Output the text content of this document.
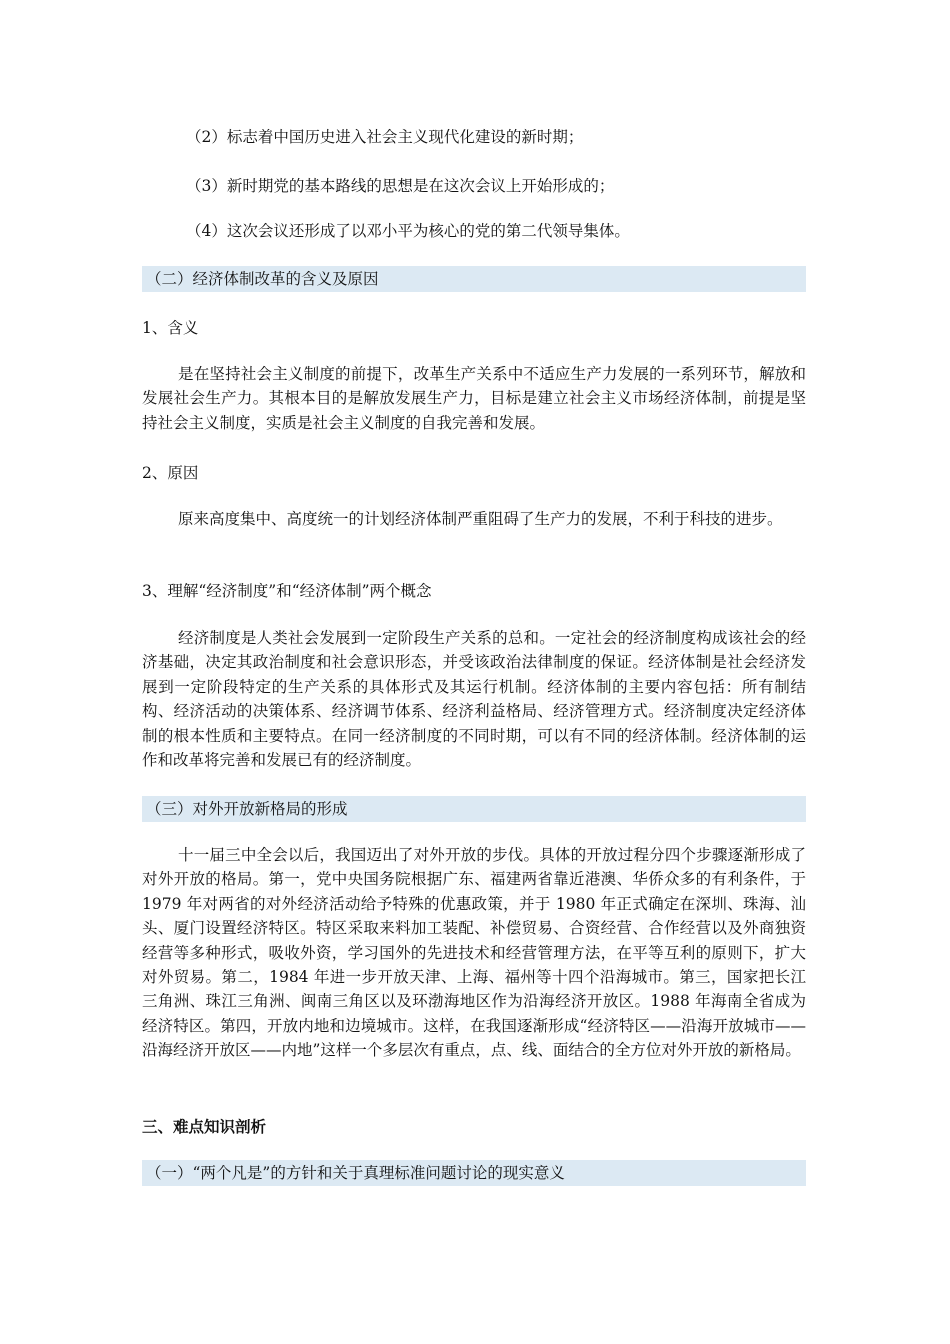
（2）标志着中国历史进入社会主义现代化建设的新时期；
（3）新时期党的基本路线的思想是在这次会议上开始形成的；
（4）这次会议还形成了以邓小平为核心的党的第二代领导集体。
（二）经济体制改革的含义及原因
1、含义
是在坚持社会主义制度的前提下，改革生产关系中不适应生产力发展的一系列环节，解放和发展社会生产力。其根本目的是解放发展生产力，目标是建立社会主义市场经济体制，前提是坚持社会主义制度，实质是社会主义制度的自我完善和发展。
2、原因
原来高度集中、高度统一的计划经济体制严重阻碍了生产力的发展，不利于科技的进步。
3、理解“经济制度”和“经济体制”两个概念
经济制度是人类社会发展到一定阶段生产关系的总和。一定社会的经济制度构成该社会的经济基础，决定其政治制度和社会意识形态，并受该政治法律制度的保证。经济体制是社会经济发展到一定阶段特定的生产关系的具体形式及其运行机制。经济体制的主要内容包括：所有制结构、经济活动的决策体系、经济调节体系、经济利益格局、经济管理方式。经济制度决定经济体制的根本性质和主要特点。在同一经济制度的不同时期，可以有不同的经济体制。经济体制的运作和改革将完善和发展已有的经济制度。
（三）对外开放新格局的形成
十一届三中全会以后，我国迈出了对外开放的步伐。具体的开放过程分四个步骤逐渐形成了对外开放的格局。第一，党中央国务院根据广东、福建两省靠近港澳、华侨众多的有利条件，于 1979 年对两省的对外经济活动给予特殊的优惠政策，并于 1980 年正式确定在深圳、珠海、汕头、厦门设置经济特区。特区采取来料加工装配、补偿贸易、合资经营、合作经营以及外商独资经营等多种形式，吸收外资，学习国外的先进技术和经营管理方法，在平等互利的原则下，扩大对外贸易。第二，1984 年进一步开放天津、上海、福州等十四个沿海城市。第三，国家把长江三角洲、珠江三角洲、闽南三角区以及环渤海地区作为沿海经济开放区。1988 年海南全省成为经济特区。第四，开放内地和边境城市。这样，在我国逐渐形成“经济特区——沿海开放城市——沿海经济开放区——内地”这样一个多层次有重点，点、线、面结合的全方位对外开放的新格局。
三、难点知识剖析
（一）“两个凡是”的方针和关于真理标准问题讨论的现实意义
